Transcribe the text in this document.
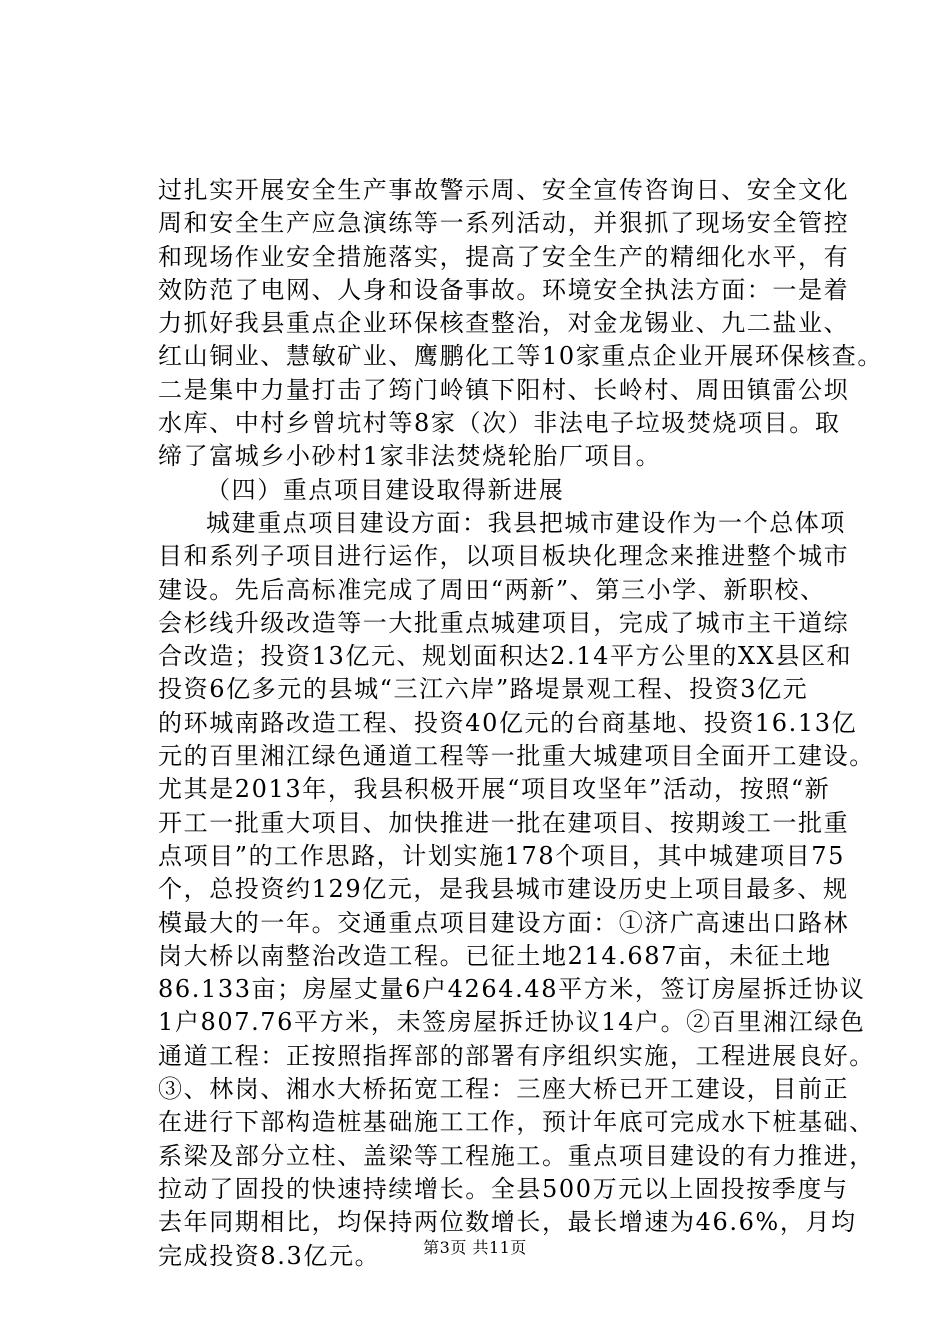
过扎实开展安全生产事故警示周、安全宣传咨询日、安全文化
周和安全生产应急演练等一系列活动，并狠抓了现场安全管控
和现场作业安全措施落实，提高了安全生产的精细化水平，有
效防范了电网、人身和设备事故。环境安全执法方面：一是着
力抓好我县重点企业环保核查整治，对金龙锡业、九二盐业、
红山铜业、慧敏矿业、鹰鹏化工等10家重点企业开展环保核查。
二是集中力量打击了筠门岭镇下阳村、长岭村、周田镇雷公坝
水库、中村乡曾坑村等8家（次）非法电子垃圾焚烧项目。取
缔了富城乡小砂村1家非法焚烧轮胎厂项目。
（四）重点项目建设取得新进展
城建重点项目建设方面：我县把城市建设作为一个总体项
目和系列子项目进行运作，以项目板块化理念来推进整个城市
建设。先后高标准完成了周田“两新”、第三小学、新职校、
会杉线升级改造等一大批重点城建项目，完成了城市主干道综
合改造；投资13亿元、规划面积达2.14平方公里的XX县区和
投资6亿多元的县城“三江六岸”路堤景观工程、投资3亿元
的环城南路改造工程、投资40亿元的台商基地、投资16.13亿
元的百里湘江绿色通道工程等一批重大城建项目全面开工建设。
尤其是2013年，我县积极开展“项目攻坚年”活动，按照“新
开工一批重大项目、加快推进一批在建项目、按期竣工一批重
点项目”的工作思路，计划实施178个项目，其中城建项目75
个，总投资约129亿元，是我县城市建设历史上项目最多、规
模最大的一年。交通重点项目建设方面：①济广高速出口路林
岗大桥以南整治改造工程。已征土地214.687亩，未征土地
86.133亩；房屋丈量6户4264.48平方米，签订房屋拆迁协议
1户807.76平方米，未签房屋拆迁协议14户。②百里湘江绿色
通道工程：正按照指挥部的部署有序组织实施，工程进展良好。
③、林岗、湘水大桥拓宽工程：三座大桥已开工建设，目前正
在进行下部构造桩基础施工工作，预计年底可完成水下桩基础、
系梁及部分立柱、盖梁等工程施工。重点项目建设的有力推进，
拉动了固投的快速持续增长。全县500万元以上固投按季度与
去年同期相比，均保持两位数增长，最长增速为46.6%，月均
完成投资8.3亿元。	第3页 共11页
